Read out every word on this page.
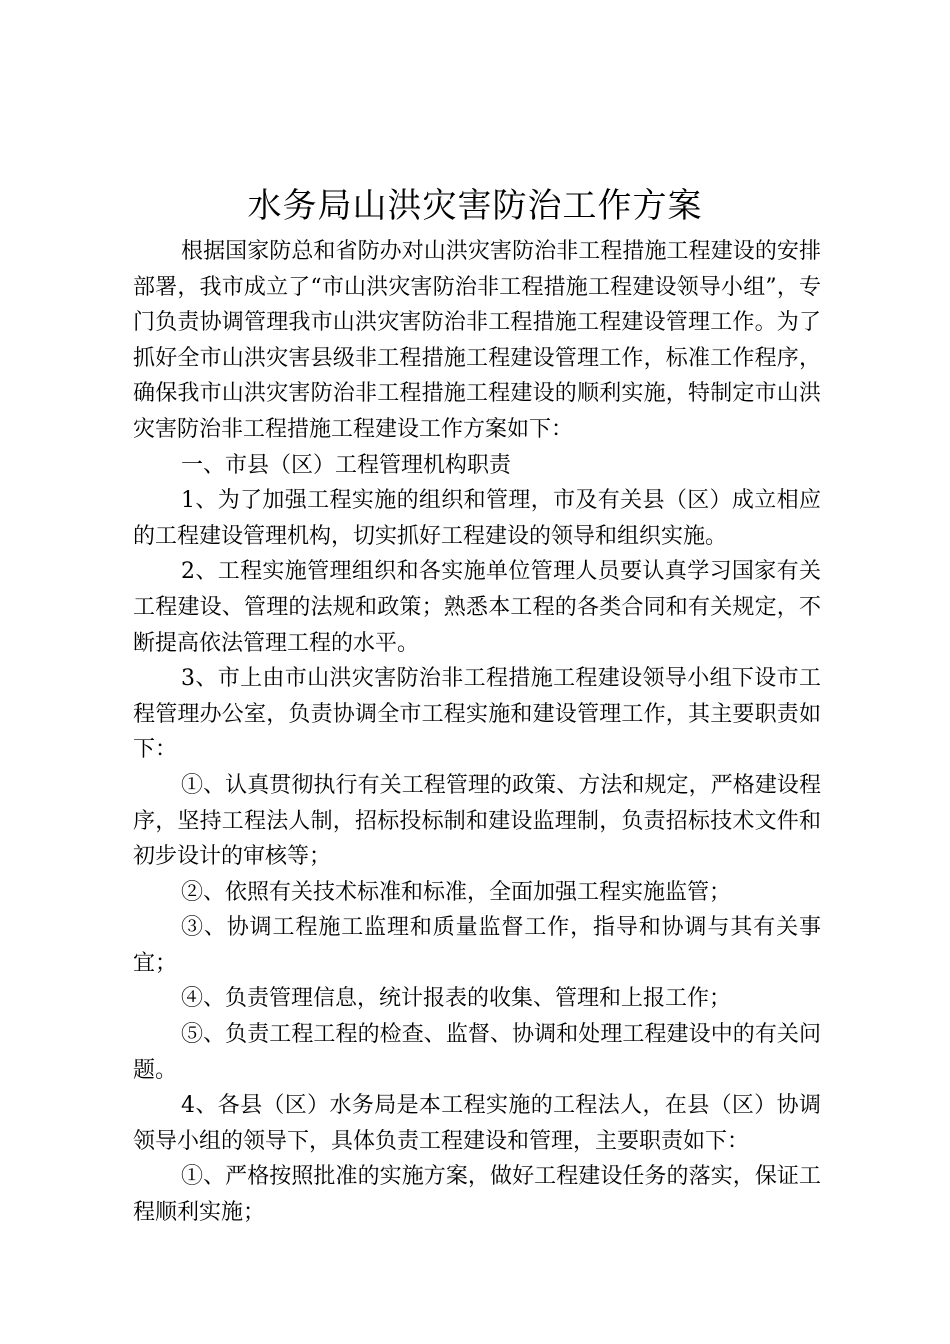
水务局山洪灾害防治工作方案

根据国家防总和省防办对山洪灾害防治非工程措施工程建设的安排部署，我市成立了“市山洪灾害防治非工程措施工程建设领导小组”，专门负责协调管理我市山洪灾害防治非工程措施工程建设管理工作。为了抓好全市山洪灾害县级非工程措施工程建设管理工作，标准工作程序，确保我市山洪灾害防治非工程措施工程建设的顺利实施，特制定市山洪灾害防治非工程措施工程建设工作方案如下：

一、市县（区）工程管理机构职责

1、为了加强工程实施的组织和管理，市及有关县（区）成立相应的工程建设管理机构，切实抓好工程建设的领导和组织实施。

2、工程实施管理组织和各实施单位管理人员要认真学习国家有关工程建设、管理的法规和政策；熟悉本工程的各类合同和有关规定，不断提高依法管理工程的水平。

3、市上由市山洪灾害防治非工程措施工程建设领导小组下设市工程管理办公室，负责协调全市工程实施和建设管理工作，其主要职责如下：

①、认真贯彻执行有关工程管理的政策、方法和规定，严格建设程序，坚持工程法人制，招标投标制和建设监理制，负责招标技术文件和初步设计的审核等；

②、依照有关技术标准和标准，全面加强工程实施监管；

③、协调工程施工监理和质量监督工作，指导和协调与其有关事宜；

④、负责管理信息，统计报表的收集、管理和上报工作；

⑤、负责工程工程的检查、监督、协调和处理工程建设中的有关问题。

4、各县（区）水务局是本工程实施的工程法人，在县（区）协调领导小组的领导下，具体负责工程建设和管理，主要职责如下：

①、严格按照批准的实施方案，做好工程建设任务的落实，保证工程顺利实施；
